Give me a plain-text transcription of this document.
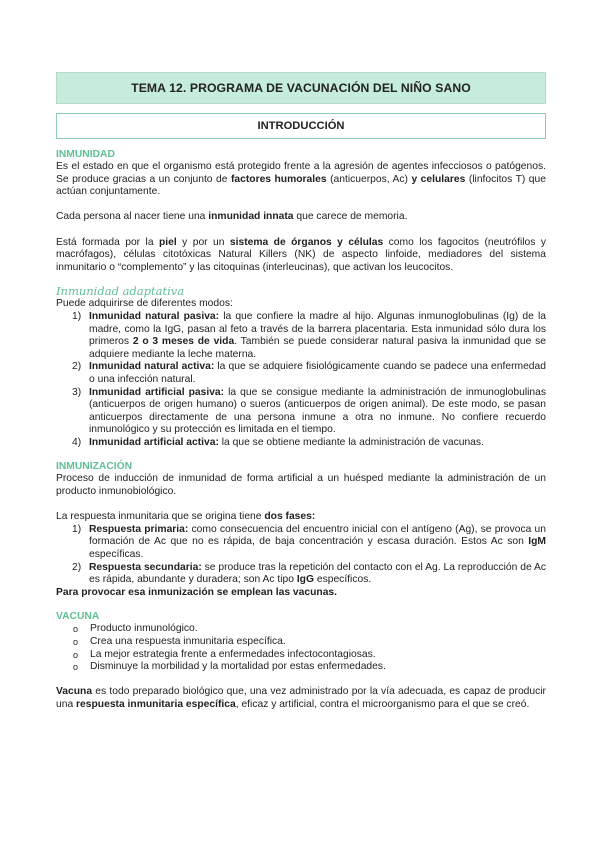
TEMA 12. PROGRAMA DE VACUNACIÓN DEL NIÑO SANO
INTRODUCCIÓN
INMUNIDAD

Es el estado en que el organismo está protegido frente a la agresión de agentes infecciosos o patógenos. Se produce gracias a un conjunto de factores humorales (anticuerpos, Ac) y celulares (linfocitos T) que actúan conjuntamente.

Cada persona al nacer tiene una inmunidad innata que carece de memoria.

Está formada por la piel y por un sistema de órganos y células como los fagocitos (neutrófilos y macrófagos), células citotóxicas Natural Killers (NK) de aspecto linfoide, mediadores del sistema inmunitario o “complemento” y las citoquinas (interleucinas), que activan los leucocitos.

Inmunidad adaptativa

Puede adquirirse de diferentes modos:

1) Inmunidad natural pasiva: la que confiere la madre al hijo. Algunas inmunoglobulinas (Ig) de la madre, como la IgG, pasan al feto a través de la barrera placentaria. Esta inmunidad sólo dura los primeros 2 o 3 meses de vida. También se puede considerar natural pasiva la inmunidad que se adquiere mediante la leche materna.
2) Inmunidad natural activa: la que se adquiere fisiológicamente cuando se padece una enfermedad o una infección natural.
3) Inmunidad artificial pasiva: la que se consigue mediante la administración de inmunoglobulinas (anticuerpos de origen humano) o sueros (anticuerpos de origen animal). De este modo, se pasan anticuerpos directamente de una persona inmune a otra no inmune. No confiere recuerdo inmunológico y su protección es limitada en el tiempo.
4) Inmunidad artificial activa: la que se obtiene mediante la administración de vacunas.
INMUNIZACIÓN

Proceso de inducción de inmunidad de forma artificial a un huésped mediante la administración de un producto inmunobiológico.

La respuesta inmunitaria que se origina tiene dos fases:

1) Respuesta primaria: como consecuencia del encuentro inicial con el antígeno (Ag), se provoca un formación de Ac que no es rápida, de baja concentración y escasa duración. Estos Ac son IgM específicas.
2) Respuesta secundaria: se produce tras la repetición del contacto con el Ag. La reproducción de Ac es rápida, abundante y duradera; son Ac tipo IgG específicos.

Para provocar esa inmunización se emplean las vacunas.

VACUNA
o Producto inmunológico.
o Crea una respuesta inmunitaria específica.
o La mejor estrategia frente a enfermedades infectocontagiosas.
o Disminuye la morbilidad y la mortalidad por estas enfermedades.

Vacuna es todo preparado biológico que, una vez administrado por la vía adecuada, es capaz de producir una respuesta inmunitaria específica, eficaz y artificial, contra el microorganismo para el que se creó.
